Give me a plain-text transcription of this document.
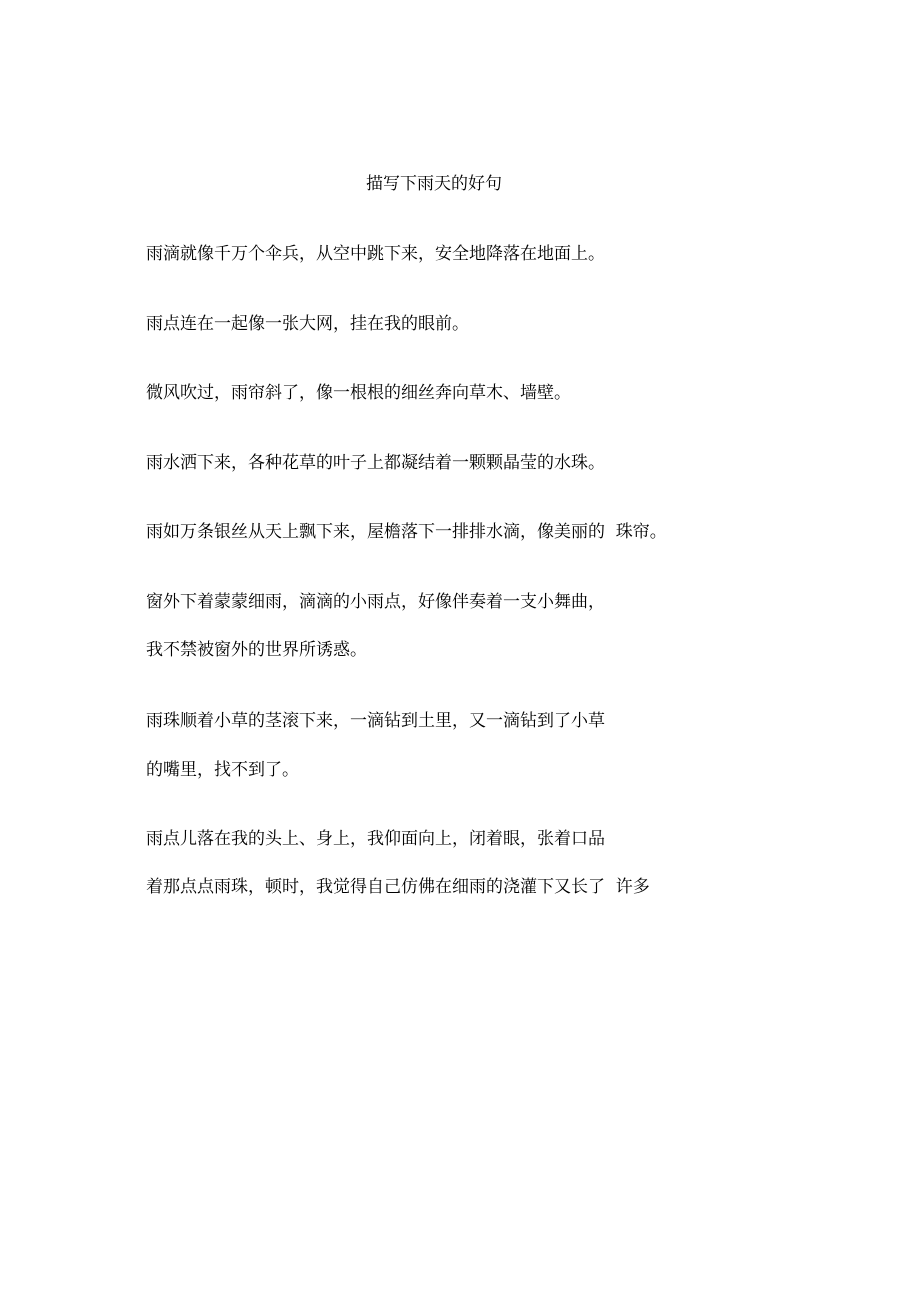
描写下雨天的好句
雨滴就像千万个伞兵，从空中跳下来，安全地降落在地面上。
雨点连在一起像一张大网，挂在我的眼前。
微风吹过，雨帘斜了，像一根根的细丝奔向草木、墙壁。
雨水洒下来，各种花草的叶子上都凝结着一颗颗晶莹的水珠。
雨如万条银丝从天上飘下来，屋檐落下一排排水滴，像美丽的  珠帘。
窗外下着蒙蒙细雨，滴滴的小雨点，好像伴奏着一支小舞曲，
我不禁被窗外的世界所诱惑。
雨珠顺着小草的茎滚下来，一滴钻到土里，又一滴钻到了小草
的嘴里，找不到了。
雨点儿落在我的头上、身上，我仰面向上，闭着眼，张着口品
着那点点雨珠，顿时，我觉得自己仿佛在细雨的浇灌下又长了  许多
